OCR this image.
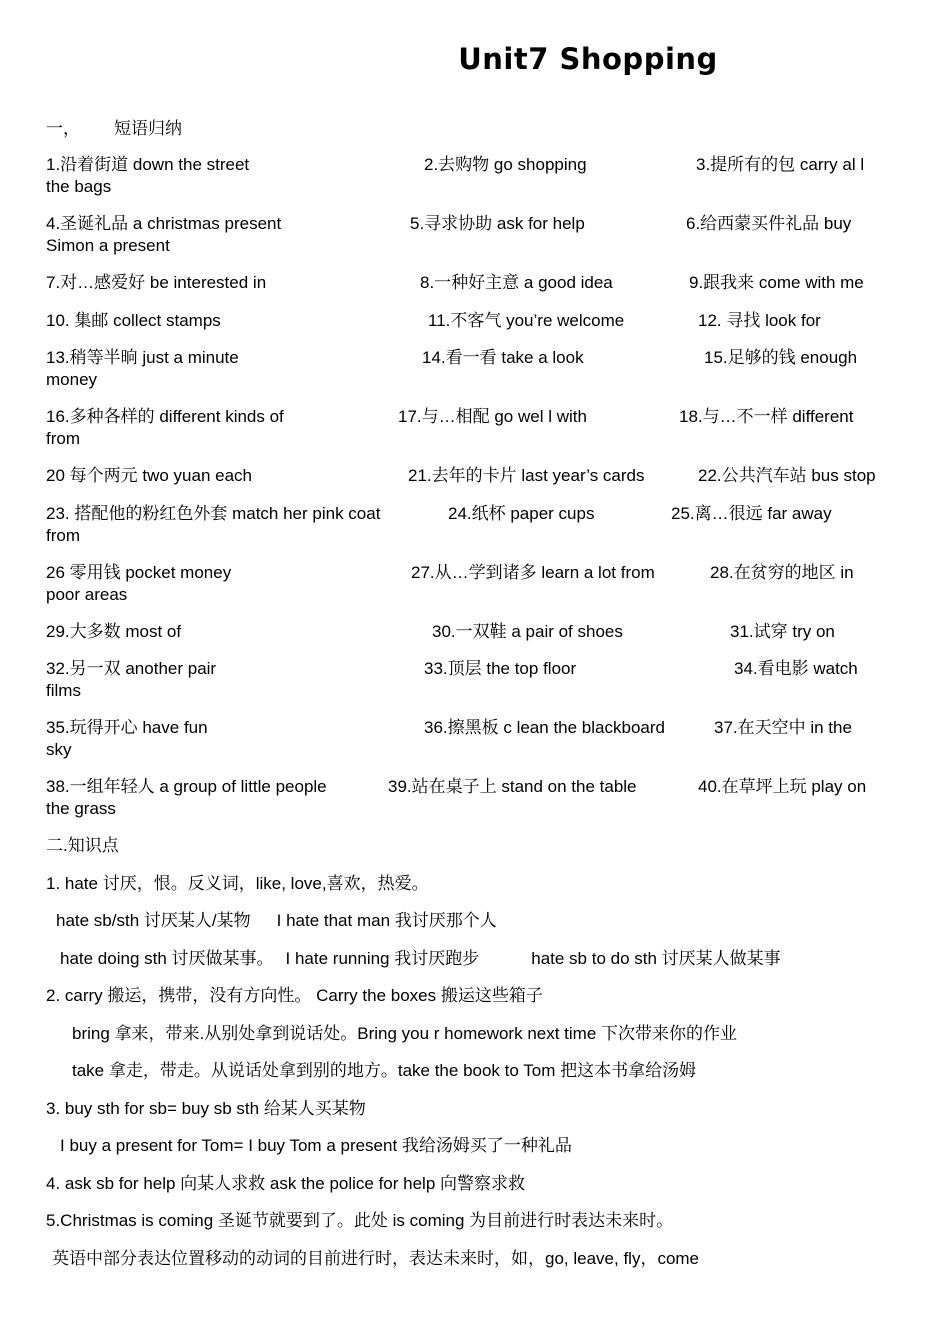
Unit7 Shopping
一， 短语归纳
1.沿着街道 down the street	2.去购物 go shopping	3.提所有的包 carry al l
the bags
4.圣诞礼品 a christmas present	5.寻求协助 ask for help	6.给西蒙买件礼品 buy
Simon a present
7.对…感爱好 be interested in	8.一种好主意 a good idea	9.跟我来 come with me
10. 集邮 collect stamps	11.不客气 you’re welcome	12. 寻找 look for
13.稍等半晌 just a minute	14.看一看 take a look	15.足够的钱 enough
money
16.多种各样的 different kinds of	17.与…相配 go wel l with	18.与…不一样 different
from
20 每个两元 two yuan each	21.去年的卡片 last year’s cards	22.公共汽车站 bus stop
23. 搭配他的粉红色外套 match her pink coat	24.纸杯 paper cups	25.离…很远 far away
from
26 零用钱 pocket money	27.从…学到诸多 learn a lot from	28.在贫穷的地区 in
poor areas
29.大多数 most of	30.一双鞋 a pair of shoes	31.试穿 try on
32.另一双 another pair	33.顶层 the top floor	34.看电影 watch
films
35.玩得开心 have fun	36.擦黑板 c lean the blackboard	37.在天空中 in the
sky
38.一组年轻人 a group of little people	39.站在桌子上 stand on the table	40.在草坪上玩 play on
the grass
二.知识点
1. hate 讨厌，恨。反义词，like, love,喜欢，热爱。
hate sb/sth 讨厌某人/某物 I hate that man 我讨厌那个人
hate doing sth 讨厌做某事。 I hate running 我讨厌跑步	hate sb to do sth 讨厌某人做某事
2. carry 搬运，携带，没有方向性。 Carry the boxes 搬运这些箱子
bring 拿来，带来.从别处拿到说话处。Bring you r homework next time 下次带来你的作业
take 拿走，带走。从说话处拿到别的地方。take the book to Tom 把这本书拿给汤姆
3. buy sth for sb= buy sb sth 给某人买某物
I buy a present for Tom= I buy Tom a present 我给汤姆买了一种礼品
4. ask sb for help 向某人求救 ask the police for help 向警察求救
5.Christmas is coming 圣诞节就要到了。此处 is coming 为目前进行时表达未来时。
英语中部分表达位置移动的动词的目前进行时，表达未来时，如，go, leave, fly，come
